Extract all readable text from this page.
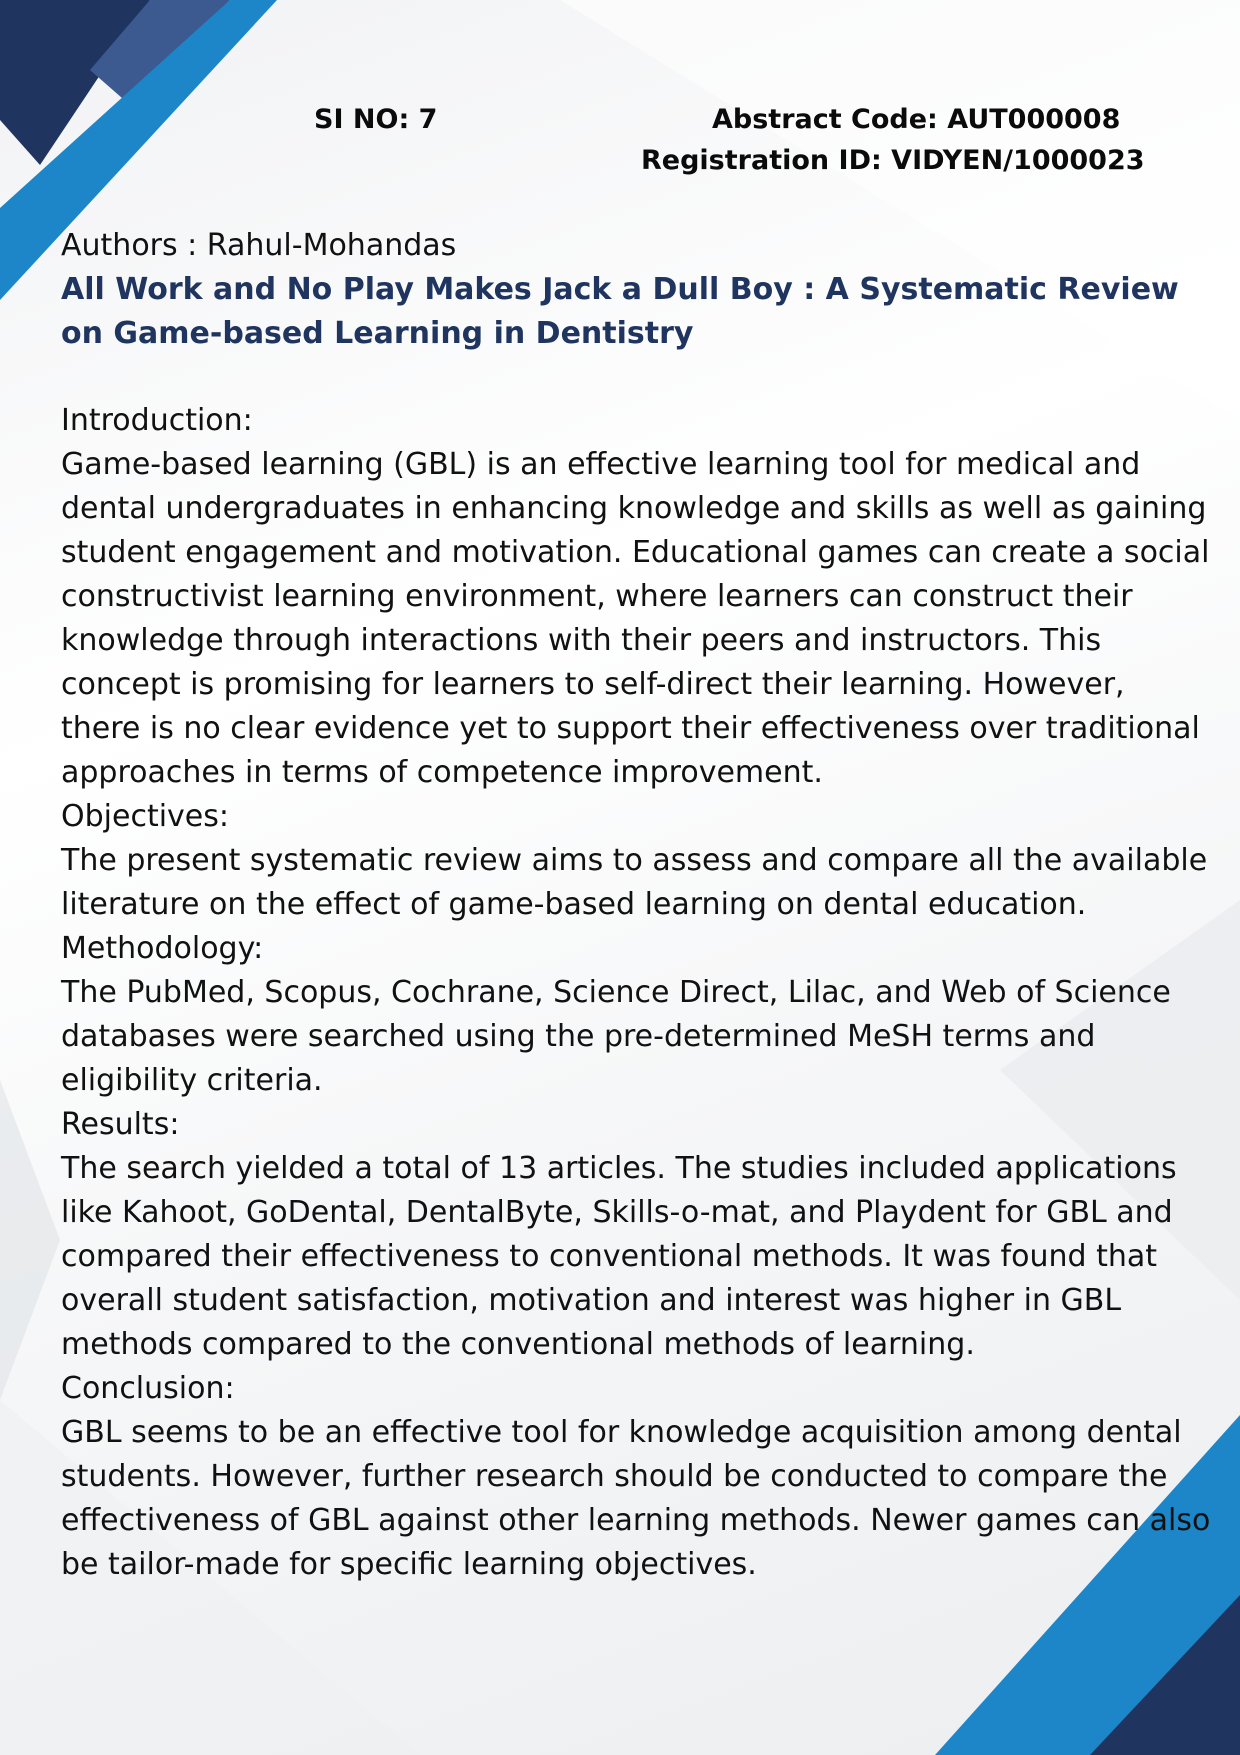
SI NO: 7	Abstract Code: AUT000008
Registration ID: VIDYEN/1000023

Authors : Rahul-Mohandas

All Work and No Play Makes Jack a Dull Boy : A Systematic Review on Game-based Learning in Dentistry

Introduction:

Game-based learning (GBL) is an effective learning tool for medical and dental undergraduates in enhancing knowledge and skills as well as gaining student engagement and motivation. Educational games can create a social constructivist learning environment, where learners can construct their knowledge through interactions with their peers and instructors. This concept is promising for learners to self-direct their learning. However, there is no clear evidence yet to support their effectiveness over traditional approaches in terms of competence improvement.

Objectives:

The present systematic review aims to assess and compare all the available literature on the effect of game-based learning on dental education.

Methodology:

The PubMed, Scopus, Cochrane, Science Direct, Lilac, and Web of Science databases were searched using the pre-determined MeSH terms and eligibility criteria.

Results:

The search yielded a total of 13 articles. The studies included applications like Kahoot, GoDental, DentalByte, Skills-o-mat, and Playdent for GBL and compared their effectiveness to conventional methods. It was found that overall student satisfaction, motivation and interest was higher in GBL methods compared to the conventional methods of learning.

Conclusion:

GBL seems to be an effective tool for knowledge acquisition among dental students. However, further research should be conducted to compare the effectiveness of GBL against other learning methods. Newer games can also be tailor-made for specific learning objectives.
